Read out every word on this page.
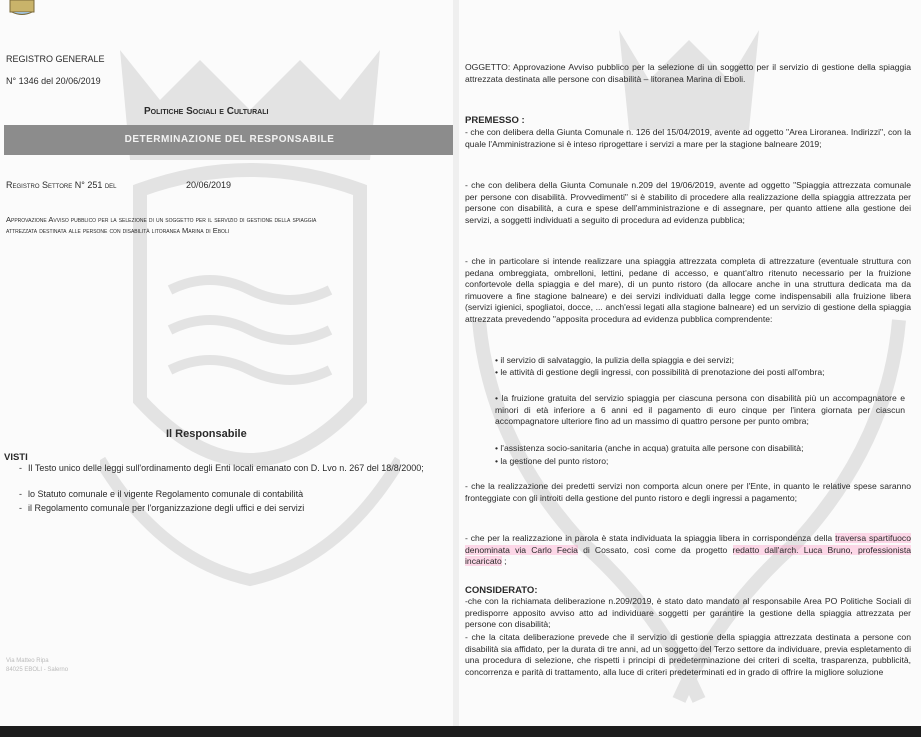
REGISTRO GENERALE
N° 1346 del 20/06/2019
Politiche Sociali e Culturali
DETERMINAZIONE DEL RESPONSABILE
Registro Settore N° 251 del	20/06/2019
Approvazione Avviso pubblico per la selezione di un soggetto per il servizio di gestione della spiaggia
attrezzata destinata alle persone con disabilità litoranea Marina di Eboli
Il Responsabile
VISTI
- Il Testo unico delle leggi sull'ordinamento degli Enti locali emanato con D. Lvo n. 267 del 18/8/2000;
- lo Statuto comunale e il vigente Regolamento comunale di contabilità
- il Regolamento comunale per l'organizzazione degli uffici e dei servizi
Via Matteo Ripa
84025 EBOLI - Salerno
OGGETTO: Approvazione Avviso pubblico per la selezione di un soggetto per il servizio di gestione della spiaggia attrezzata destinata alle persone con disabilità – litoranea Marina di Eboli.
PREMESSO :
- che con delibera della Giunta Comunale n. 126 del 15/04/2019, avente ad oggetto "Area Liroranea. Indirizzi", con la quale l'Amministrazione si è inteso riprogettare i servizi a mare per la stagione balneare 2019;
- che con delibera della Giunta Comunale n.209 del 19/06/2019, avente ad oggetto "Spiaggia attrezzata comunale per persone con disabilità. Provvedimenti" si è stabilito di procedere alla realizzazione della spiaggia attrezzata per persone con disabilità, a cura e spese dell'amministrazione e di assegnare, per quanto attiene alla gestione dei servizi, a soggetti individuati a seguito di procedura ad evidenza pubblica;
- che in particolare si intende realizzare una spiaggia attrezzata completa di attrezzature (eventuale struttura con pedana ombreggiata, ombrelloni, lettini, pedane di accesso, e quant'altro ritenuto necessario per la fruizione confortevole della spiaggia e del mare), di un punto ristoro (da allocare anche in una struttura dedicata ma da rimuovere a fine stagione balneare) e dei servizi individuati dalla legge come indispensabili alla fruizione libera (servizi igienici, spogliatoi, docce, ... anch'essi legati alla stagione balneare) ed un servizio di gestione della spiaggia attrezzata prevedendo "apposita procedura ad evidenza pubblica comprendente:
• il servizio di salvataggio, la pulizia della spiaggia e dei servizi;
• le attività di gestione degli ingressi, con possibilità di prenotazione dei posti all'ombra;
• la fruizione gratuita del servizio spiaggia per ciascuna persona con disabilità più un accompagnatore e minori di età inferiore a 6 anni ed il pagamento di euro cinque per l'intera giornata per ciascun accompagnatore ulteriore fino ad un massimo di quattro persone per punto ombra;
• l'assistenza socio-sanitaria (anche in acqua) gratuita alle persone con disabilità;
• la gestione del punto ristoro;
- che la realizzazione dei predetti servizi non comporta alcun onere per l'Ente, in quanto le relative spese saranno fronteggiate con gli introiti della gestione del punto ristoro e degli ingressi a pagamento;
- che per la realizzazione in parola è stata individuata la spiaggia libera in corrispondenza della traversa spartifuoco denominata via Carlo Fecia di Cossato, così come da progetto redatto dall'arch. Luca Bruno, professionista incaricato ;
CONSIDERATO:
-che con la richiamata deliberazione n.209/2019, è stato dato mandato al responsabile Area PO Politiche Sociali di predisporre apposito avviso atto ad individuare soggetti per garantire la gestione della spiaggia attrezzata per persone con disabilità;
- che la citata deliberazione prevede che il servizio di gestione della spiaggia attrezzata destinata a persone con disabilità sia affidato, per la durata di tre anni, ad un soggetto del Terzo settore da individuare, previa espletamento di una procedura di selezione, che rispetti i principi di predeterminazione dei criteri di scelta, trasparenza, pubblicità, concorrenza e parità di trattamento, alla luce di criteri predeterminati ed in grado di offrire la migliore soluzione
